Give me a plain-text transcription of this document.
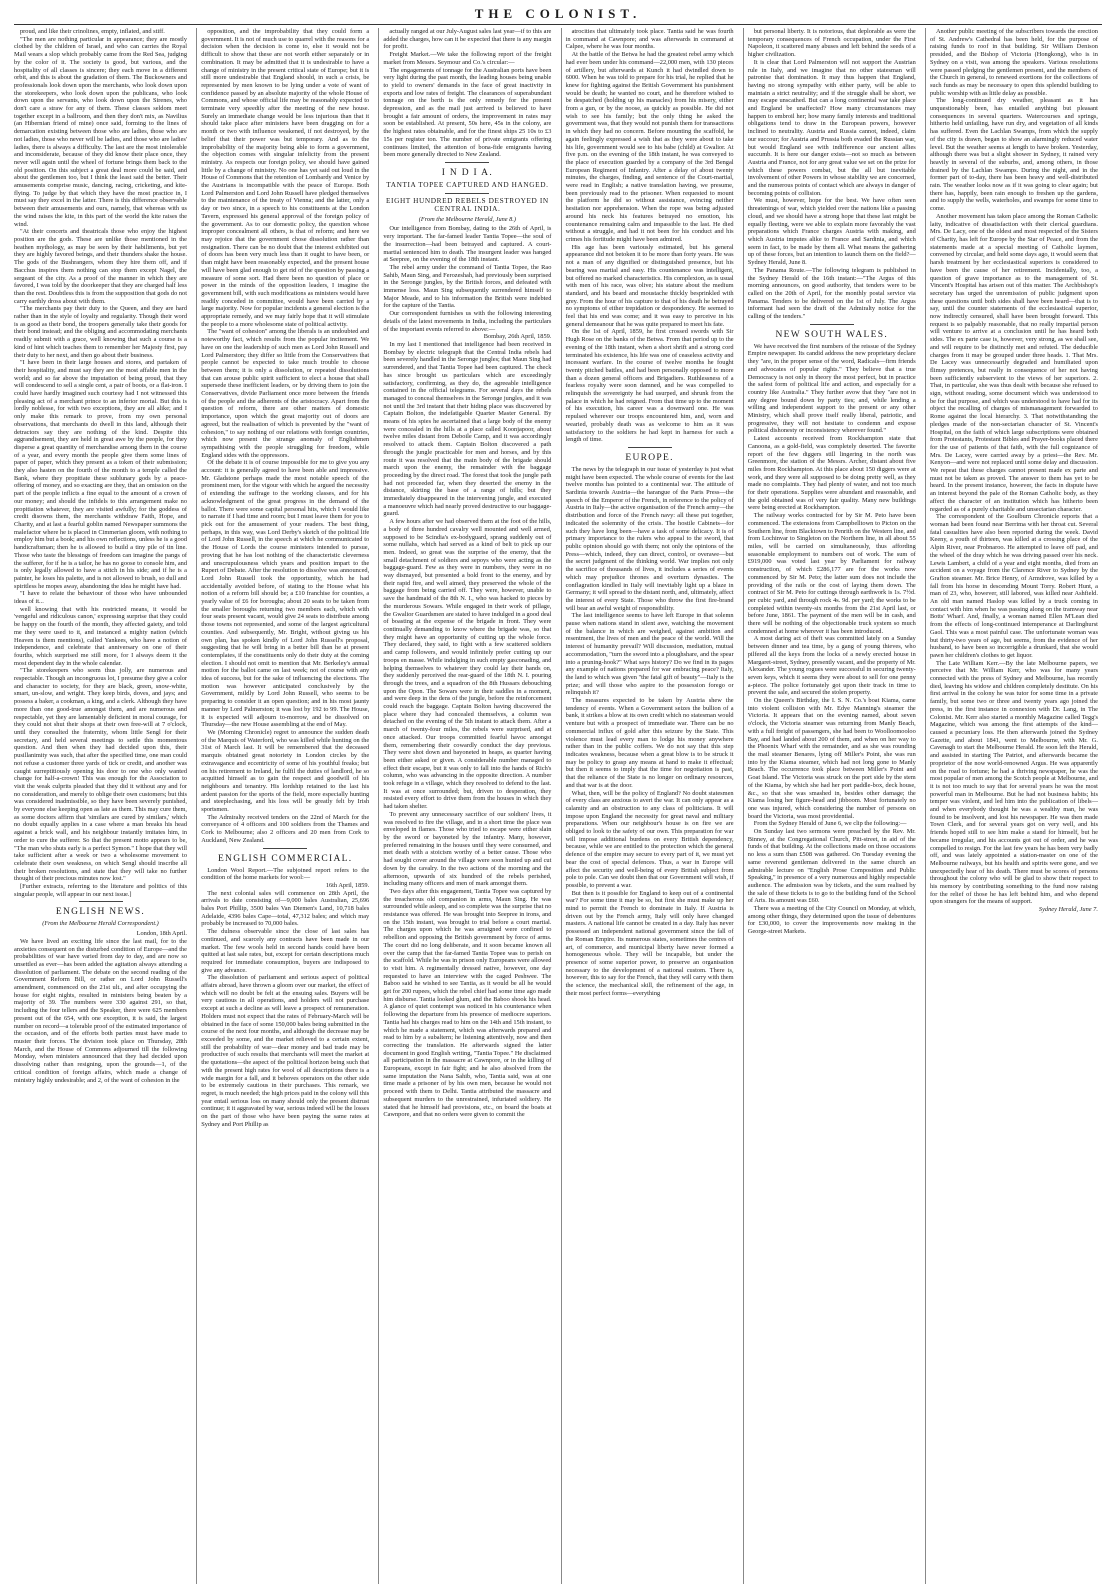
THE COLONIST.

proud, and like their crinolines, empty, inflated, and stiff.

"The men are nothing particular in appearance; they are mostly clothed by the children of Israel, and who can carries the Royal Mail wears a slop which probably came from the Red Sea, judging by the color of it. The society is good, but various, and the hospitality of all classes is sincere; they each move in a different orbit, and this is about the gradation of them. The Buckowners and professionals look down upon the merchants, who look down upon the storekeepers, who look down upon the publicans, who look down upon the servants, who look down upon the Sirenes, who don't care a straw for any of them. These classes seldom meet together except in a ballroom, and then they don't mix, as Navilius (an Hibernian friend of mine) once said, forming to the lines of demarcation existing between those who are ladies, those who are not ladies, those who never will be ladies, and those who are ladies' ladies, there is always a difficulty. The last are the most intolerable and inconsiderate, because of they did know their place once, they never will again until the wheel of fortune brings them back to the old position. On this subject a great deal more could be said, and about the gentlemen too, but I think the least said the better. Their amusements comprise music, dancing, racing, cricketing, and kite-flying. To judge by that which they have the most practice in, I must say they excel in the latter. There is this difference observable between their amusements and ours, namely, that whereas with us the wind raises the kite, in this part of the world the kite raises the wind.

"At their concerts and theatricals those who enjoy the highest position are the gods. These are unlike those mentioned in the heathen mythology, as may be seen by their habiliments, but yet they are highly favored beings, and their thunders shake the house. The gods of the Bushrangers, whom they hire them off, and if Bacchus inspires them nothing can stop them except Nagel, the sergeant of the city. As a proof of the manner in which they are favored, I was told by the doorkeeper that they are charged half less than the rest. Doubtless this is from the supposition that gods do not carry earthly dross about with them.

"The merchants pay their duty to the Queen, and they are hard rather than in the style of loyalty and regularity. Though their word is as good as their bond, the troopers generally take their goods for their bond instead; and the obliging and accommodating merchants readily submit with a grace, well knowing that such a course is a kind of hint which teaches them to remember her Majesty first, pay their duty to her next, and then go about their business.

"I have been in their large houses and stores, and partaken of their hospitality, and must say they are the most affable men in the world; and so far above the imputation of being proud, that they will condescend to sell a single cent, a pair of boots, or a flat-iron. I could have hardly imagined such courtesy had I not witnessed this pleasing act of a merchant prince to an inferior mortal. But this is lordly noblesse, for with two exceptions, they are all alike; and I only make this remark to prove, from my own personal observations, that merchants do dwell in this land, although their detractors say they are nothing of the kind. Despite this aggrandisement, they are held in great awe by the people, for they disperse a great quantity of merchandise among them in the course of a year, and every month the people give them some lines of paper of paper, which they present as a token of their submission; they also hasten on the fourth of the month to a temple called the Bank, where they propitiate these sublunary gods by a peace-offering of money, and so exacting are they, that an omission on the part of the people inflicts a fine equal to the amount of a crown of our money; and should the infidels to this arrangement make no propitiation whatever, they are visited awfully; for the goddess of credit disowns them, the merchants withdraw Faith, Hope, and Charity, and at last a fearful goblin named Newspaper summons the malefactor where he is placed in Cimmerian gloom, with nothing to employ him but a book; and his own reflections, unless he is a good handicraftsman; then he is allowed to build a tiny pile of tin line. Those who taste the blessings of freedom can imagine the pangs of the sufferer, for if he is a tailor, he has no goose to console him, and is only legally allowed to have a stitch in his side; and if he is a painter, he loses his palette, and is not allowed to brush, so dull and spiritless he mopes away, abandoning the idea he might have had.

"I have to relate the behaviour of those who have unbounded ideas of it...

well knowing that with his restricted means, it would be 'vengeful and ridiculous canon,' expressing surprise that they could be happy on the fourth of the month, they affected gaiety, and told me they were used to it, and instanced a mighty nation (which Heaven is them mentions), called Yankees, who have a notion of independence, and celebrate that anniversary on one of their fourths, which surprised me still more, for I always deem it the most dependent day in the whole calendar.

"The storekeepers who seem thus jolly, are numerous and respectable. Though an incongruous lot, I presume they give a color and character to society, for they are black, green, snow-white, smart, un-slow, and wright. They keep birds, doves, and jays; and possess a baker, a cookman, a king, and a clerk. Although they have more than one good-true amongst them, and are numerous and respectable, yet they are lamentably deficient in moral courage, for they could not shut their shops at their own free-will at 7 o'clock, until they consulted the fraternity, whom little Sengl for their secretary, and held several meetings to settle this momentous question. And then when they had decided upon this, their pusillanimity was such, that after the specified time, one man could not refuse a customer three yards of tick or credit, and another was caught surreptitiously opening his door to one who only wanted change for half-a-crown! This was enough for the Association to visit the weak culprits pleaded that they did it without any and for no consideration, and merely to oblige their own customers; but this was considered inadmissible, so they have been severely punished, by everyone else keeping open as late as them. This may cure them, as some doctors affirm that 'similars are cured by similars,' which no doubt equally applies in a case where a man breaks his head against a brick wall, and his neighbour instantly imitates him, in order to cure the sufferer. So that the present motto appears to be, "The man who shuts early is a perfect Symon." I hope that they will take sufficient after a week or two a wholesome movement to celebrate their own weakness, on which Sengl should inscribe all their broken resolutions, and state that they will take no further thought of their precious minutes now lost."

[Further extracts, referring to the literature and politics of this singular people, will appear in our next issue.]

ENGLISH NEWS.

(From the Melbourne Herald Correspondent.)

London, 18th April.

We have lived an exciting life since the last mail, for to the anxieties consequent on the disturbed condition of Europe—and the probabilities of war have varied from day to day, and are now so unsettled as ever—has been added the agitation always attending a dissolution of parliament. The debate on the second reading of the Government Reform Bill, or rather on Lord John Russell's amendment, commenced on the 21st ult., and after occupying the house for eight nights, resulted in ministers being beaten by a majority of 39. The numbers were 330 against 291, so that, including the four tellers and the Speaker, there were 625 members present out of the 654, with one exception, it is said, the largest number on record—a tolerable proof of the estimated importance of the occasion, and of the efforts both parties must have made to muster their forces. The division took place on Thursday, 28th March, and the House of Commons adjourned till the following Monday, when ministers announced that they had decided upon dissolving rather than resigning, upon the grounds—1, of the critical condition of foreign affairs, which made a change of ministry highly undesirable; and 2, of the want of cohesion in the

opposition, and the improbability that they could form a government. It is not of much use to quarrel with the reasons for a decision when the decision is come to, else it would not be difficult to show that these are not worth either separately or in combination. It may be admitted that it is undesirable to have a change of ministry in the present critical state of Europe; but it is still more undesirable that England should, in such a crisis, be represented by men known to be lying under a vote of want of confidence passed by an absolute majority of the whole House of Commons, and whose official life may be reasonably expected to terminate very speedily after the meeting of the new house. Surely an immediate change would be less injurious than that it should take place after ministers have been dragging on for a month or two with influence weakened, if not destroyed, by the belief that their power was but temporary. And as to the improbability of the majority being able to form a government, the objection comes with singular infelicity from the present ministry. As respects our foreign policy, we should have gained little by a change of ministry. No one has yet said out loud in the House of Commons that the retention of Lombardy and Venice by the Austrians is incompatible with the peace of Europe. Both Lord Palmerston and Lord John Russell have pledged themselves to the maintenance of the treaty of Vienna; and the latter, only a day or two since, in a speech to his constituents at the London Tavern, expressed his general approval of the foreign policy of the government. As to our domestic policy, the question whose improper concealment all others, is that of reform; and here we may rejoice that the government chose dissolution rather than resignation. There can be no doubt that the interest exhibited out of doors has been very much less than it ought to have been, or than might have been reasonably expected, and the present house will have been glad enough to get rid of the question by passing a measure of some sort. Had there been no question of place or power in the minds of the opposition leaders, I imagine the government bill, with such modifications as ministers would have readily conceded in committee, would have been carried by a large majority. Now for popular incidents a general election is the appropriate remedy, and we may fairly hope that it will stimulate the people to a more wholesome state of political activity.

The "want of cohesion" among the liberals is an undoubted and noteworthy fact, which results from the popular incitement. We have on one the leadership of such men as Lord John Russell and Lord Palmerston; they differ so little from the Conservatives that people cannot be expected to take much trouble to choose between them; it is only a dissolution, or repeated dissolutions that can arouse public spirit sufficient to elect a house that shall supersede these inefficient leaders, or by driving them to join the Conservatives, divide Parliament once more between the friends of the people and the adherents of the aristocracy. Apart from the question of reform, there are other matters of domestic importance, upon which the great majority out of doors are agreed, but the realisation of which is prevented by the "want of cohesion," to say nothing of our relations with foreign countries, which now present the strange anomaly of Englishmen sympathising with the people struggling for freedom, while England sides with the oppressors.

Of the debate it is of course impossible for me to give you any account: it is generally agreed to have been able and impressive. Mr. Gladstone perhaps made the most notable speech of the prominent men, for the vigour with which he argued the necessity of extending the suffrage to the working classes, and for his acknowledgment of the great progress in the demand of the ballot. There were some capital personal hits, which I would like to narrate if I had time and room; but I must leave them for you to pick out for the amusement of your readers. The best thing, perhaps, in this way, was Lord Derby's sketch of the political life of Lord John Russell, in the speech at which he communicated to the House of Lords the course ministers intended to pursue, proving that he has lost nothing of the characteristic cleverness and unscrupulousness which years and position impart to the Rupert of Debate. After the resolution to dissolve was announced, Lord John Russell took the opportunity, which he had accidentally avoided before, of stating to the House what his notion of a reform bill should be; a £10 franchise for counties, a yearly value of £6 for boroughs; about 20 seats to be taken from the smaller boroughs returning two members each, which with four seats present vacant, would give 24 seats to distribute among those towns not represented, and some of the largest agricultural counties. And subsequently, Mr. Bright, without giving us his own plan, has spoken kindly of Lord John Russell's proposal, suggesting that he will bring in a better bill than he at present contemplates, if the constituents only do their duty at the coming election. I should not omit to mention that Mr. Berkeley's annual motion for the ballot came on last week; not of course with any idea of success, but for the sake of influencing the elections. The motion was however anticipated conclusively by the Government, mildly by Lord John Russell, who seems to be preparing to consider it an open question; and in his most jaunty manner by Lord Palmerston; it was lost by 192 to 99. The House, it is expected will adjourn to-morrow, and be dissolved on Thursday—the new House assembling at the end of May.

We (Morning Chronicle) regret to announce the sudden death of the Marquis of Waterford, who was killed while hunting on the 31st of March last. It will be remembered that the deceased marquis obtained great notoriety in London circles by the extravagance and eccentricity of some of his youthful freaks; but on his retirement to Ireland, he fulfil the duties of landlord, he so acquitted himself as to gain the respect and goodwill of his neighbours and tenantry. His lordship retained to the last his ardent passion for the sports of the field, more especially hunting and steeplechasing, and his loss will be greatly felt by Irish sportsmen.

The Admiralty received tenders on the 22nd of March for the conveyance of 4 officers and 100 soldiers from the Thames and Cork to Melbourne; also 2 officers and 20 men from Cork to Auckland, New Zealand.

ENGLISH COMMERCIAL.

London Wool Report.—The subjoined report refers to the condition of the home markets for wool:—

16th April, 1859.

The next colonial sales will commence on 28th April, the arrivals to date consisting of—9,000 bales Australian, 25,696 bales Port Phillip, 3500 bales Van Diemen's Land, 10,718 bales Adelaide, 4396 bales Cape—total, 47,312 bales; and which may probably be increased to 70,000 bales.

The dulness observable since the close of last sales has continued, and scarcely any contracts have been made in our market. The few wools held in second hands could have been quitted at last sale rates, but, except for certain descriptions much required for immediate consumption, buyers are indisposed to give any advance.

The dissolution of parliament and serious aspect of political affairs abroad, have thrown a gloom over our market, the effect of which will no doubt be felt at the ensuing sales. Buyers will be very cautious in all operations, and holders will not purchase except at such a decline as will leave a prospect of remuneration. Holders must not expect that the rates of February-March will be obtained in the face of some 150,000 bales being submitted in the course of the next four months, and although the decrease may be exceeded by some, and the market relieved to a certain extent, still the probability of war—dear money and bad trade may be productive of such results that merchants will meet the market at the quotations—the aspect of the political horizon being such that with the present high rates for wool of all descriptions there is a wide margin for a fall, and it behoves operators on the other side to be extremely cautious in their purchases. This remark, we regret, is much needed; the high prices paid in the colony will this year entail serious loss on many should only the present distrust continue; it it aggravated by war, serious indeed will be the losses on the part of those who have been paying the same rates at Sydney and Port Phillip as

actually ranged at our July-August sales last year—if to this are added the charges, how can it be expected that there is any margin for profit.

Freight Market.—We take the following report of the freight market from Messrs. Seymour and Co.'s circular:—

The engagements of tonnage for the Australian ports have been very light during the past month, the leading houses being unable to yield to owners' demands in the face of great inactivity in exports and low rates of freight. The clearances of superabundant tonnage on the berth is the only remedy for the present depression, and as the mail just arrived is believed to have brought a fair amount of orders, the improvement in rates may soon be established. At present, 50s here, 45s in the colony, are the highest rates obtainable, and for the finest ships 25 10s to £3 15s per register ton. The number of private emigrants offering continues limited, the attention of bona-fide emigrants having been more generally directed to New Zealand.

I N D I A.

TANTIA TOPEE CAPTURED AND HANGED.

EIGHT HUNDRED REBELS DESTROYED IN CENTRAL INDIA.

(From the Melbourne Herald, June 8.)

Our intelligence from Bombay, dating to the 26th of April, is very important. The far-famed leader Tantia Topee—the soul of the insurrection—had been betrayed and captured. A court-martial sentenced him to death. The insurgent leader was hanged at Seepree, on the evening of the 18th instant.

The rebel army under the command of Tantia Topee, the Rao Sahib, Maun Sing, and Ferozeshah, had previously been surprised in the Seronge jungles, by the British forces, and defeated with immense loss. Maun Sing subsequently surrendered himself to Major Meade, and to his information the British were indebted for the capture of the Tantia.

Our correspondent furnishes us with the following interesting details of the latest movements in India, including the particulars of the important events referred to above:—

Bombay, 26th April, 1859.

In my last I mentioned that intelligence had been received in Bombay by electric telegraph that the Central India rebels had been severely handled in the Seronge jungles; that Maun Sing had surrendered, and that Tantia Topee had been captured. The check has since brought us particulars which are exceedingly satisfactory, confirming, as they do, the agreeable intelligence contained in the official telegrams. For several days the rebels managed to conceal themselves in the Seronge jungles, and it was not until the 3rd instant that their hiding place was discovered by Captain Bolton, the indefatigable Quarter Master General. By means of his spies he ascertained that a large body of the enemy were concealed in the hills at a place called Koonjapoor, about twelve miles distant from Deboile Camp, and it was accordingly resolved to attack them. Captain Bolton discovered a path through the jungle practicable for men and horses, and by this route it was resolved that the main body of the brigade should march upon the enemy, the remainder with the baggage proceeding by the direct road. The forest that took the jungle path had not proceeded far, when they deserted the enemy in the distance, skirting the base of a range of hills; but they immediately disappeared in the intervening jungle, and executed a manoeuvre which had nearly proved destructive to our baggage-guard.

A few hours after we had observed them at the foot of the hills, a body of three hundred cavalry well mounted and well armed, supposed to be Scindia's ex-bodyguard, sprang suddenly out of some nullahs, which had served as a kind of belt to pick up our men. Indeed, so great was the surprise of the enemy, that the small detachment of soldiers and sepoys who were acting as the baggage-guard. Few as they were in numbers, they were in no way dismayed, but presented a bold front to the enemy, and by their rapid fire, and well aimed, they preserved the whole of the baggage from being carried off. They were, however, unable to save the handmaid of the 8th N. I., who was hacked to pieces by the murderous Sowars. While engaged in their work of pillage, the Gwalior Guardsmen are stated to have indulged in a good deal of boasting at the expense of the brigade in front. They were continually demanding to know where the brigade was, so that they might have an opportunity of cutting up the whole force. They declared, they said, to fight with a few scattered soldiers and camp followers, and would infinitely prefer cutting up our troops en masse. While indulging in such empty gasconading, and helping themselves to whatever they could lay their hands on, they suddenly perceived the rear-guard of the 18th N. I. pouring through the trees, and a squadron of the 8th Hussars debouching upon the Opon. The Sowars were in their saddles in a moment, and were deep in the dens of the jungle, before the reinforcement could reach the baggage. Captain Bolton having discovered the place where they had concealed themselves, a column was detached on the evening of the 5th instant to attack them. After a march of twenty-four miles, the rebels were surprised, and at once attacked. Our troops committed fearful havoc amongst them, remembering their cowardly conduct the day previous. They were shot down and bayoneted in heaps, as quarter having been either asked or given. A considerable number managed to effect their escape, but it was only to fall into the hands of Rich's column, who was advancing in the opposite direction. A number took refuge in a village, which they resolved to defend to the last. It was at once surrounded; but, driven to desperation, they resisted every effort to drive them from the houses in which they had taken shelter.

To prevent any unnecessary sacrifice of our soldiers' lives, it was resolved to fire the village, and in a short time the place was enveloped in flames. Those who tried to escape were either slain by the sword or bayoneted by the infantry. Many, however, preferred remaining in the houses until they were consumed, and met death with a stoicism worthy of a better cause. Those who had sought cover around the village were soon hunted up and cut down by the cavalry. In the two actions of the morning and the afternoon, upwards of six hundred of the rebels perished, including many officers and men of mark amongst them.

Two days after this engagement, Tantia Topee was captured by the treacherous old companion in arms, Maun Sing. He was surrounded while asleep, and so complete was the surprise that no resistance was offered. He was brought into Seepree in irons, and on the 15th instant, was brought to trial before a court martial. The charges upon which he was arraigned were confined to rebellion and opposing the British government by force of arms. The court did no long deliberate, and it soon became known all over the camp that the far-famed Tantia Topee was to perish on the scaffold. While he was in prison only Europeans were allowed to visit him. A regimentally dressed native, however, one day requested to have an interview with the caged Peshwee. The Baboo said he wished to see Tantia, as it would be all he would get for 200 rupees, which the rebel chief had some time ago made him disburse. Tantia looked glum, and the Baboo shook his head. A glance of quiet contempt was noticed in his countenance when following the departure from his presence of mediocre superiors. Tantia had his charges read to him on the 14th and 15th instant, to which he made a statement, which was afterwards prepared and read to him by a subaltern; he listening attentively, now and then correcting the translation. He afterwards signed the latter document in good English writing, "Tantia Topee." He disclaimed all participation in the massacre at Cawnpore, or in the killing of Europeans, except in fair fight; and he also absolved from the same imputation the Nana Sahib, who, Tantia said, was at one time made a prisoner of by his own men, because he would not proceed with them to Delhi. Tantia attributed the massacre and subsequent murders to the unrestrained, infuriated soldiery. He stated that he himself had provisions, etc., on board the boats at Cawnpore, and that no orders were given to commit the

atrocities that ultimately took place. Tantia said he was fourth in command at Cawnpore; and was afterwards in command at Calpee, where he was four months.

At the battle of the Betwa he had the greatest rebel army which had ever been under his command—22,000 men, with 130 pieces of artillery, but afterwards at Kunch it had dwindled down to 6000. When he was told to prepare for his trial, he replied that he knew for fighting against the British Government his punishment would be death; he wanted no court, and he therefore wished to be despatched (holding up his manacles) from his misery, either from a gun, or by the noose, as quickly as possible. He did not wish to see his family; but the only thing he asked the government was, that they would not punish them for transactions in which they had no concern. Before mounting the scaffold, he again feelingly expressed a wish that as they were about to take his life, government would see to his babe (child) at Gwalior. At five p.m. on the evening of the 18th instant, he was conveyed to the place of execution guarded by a company of the 3rd Bengal European Regiment of Infantry. After a delay of about twenty minutes, the charges, finding, and sentence of the Court-martial, were read in English; a native translation having, we presume, been previously read to the prisoner. When requested to mount the platform he did so without assistance, evincing neither hesitation nor apprehension. When the rope was being adjusted around his neck his features betrayed no emotion, his countenance remaining calm and impassible to the last. He died without a struggle, and had it not been for his conduct and his crimes his fortitude might have been admired.

His age has been variously estimated, but his general appearance did not betoken it to be more than forty years. He was not a man of any dignified or distinguished presence, but his bearing was martial and easy. His countenance was intelligent, but offered no marked characteristics. His complexion, as is usual with men of his race, was olive; his stature about the medium standard, and his beard and moustache thickly besprinkled with grey. From the hour of his capture to that of his death he betrayed no symptoms of either trepidation or despondency. He seemed to feel that his end was come; and it was easy to perceive in his general demeanour that he was quite prepared to meet his fate.

On the 1st of April, 1859, he first crossed swords with Sir Hugh Rose on the banks of the Betwa. From that period up to the evening of the 18th instant, when a short shrift and a strong cord terminated his existence, his life was one of ceaseless activity and incessant warfare. In the course of twelve months he fought twenty pitched battles, and had been personally opposed to more than a dozen general officers and Brigadiers. Ruthlessness of a fearless royalty were soon damned, and he was compelled to relinquish the sovereignty he had usurped, and shrunk from the palace in which he had reigned. From that time up to the moment of his execution, his career was a downward one. He was repulsed wherever our troops encountered him, and, worn and wearied, probably death was as welcome to him as it was satisfactory to the soldiers he had kept in harness for such a length of time.

EUROPE.

The news by the telegraph in our issue of yesterday is just what might have been expected. The whole course of events for the last twelve months has pointed to a continental war. The attitude of Sardinia towards Austria—the harangue of the Paris Press—the speech of the Emperor of the French, in reference to the policy of Austria in Italy—the active organisation of the French army—the distribution and force of the French navy: all these put together, indicated the solemnity of the crisis. The hostile Cabinets—for such they have long been—have a task of some delicacy. It is of primary importance to the rulers who appeal to the sword, that public opinion should go with them; not only the opinions of the Press—which, indeed, they can direct, control, or overawe—but the secret judgment of the thinking world. War implies not only the sacrifice of thousands of lives, it includes a series of events which may prejudice thrones and overturn dynasties. The conflagration kindled in Italy will inevitably light up a blaze in Germany; it will spread to the distant north, and, ultimately, affect the interest of every State. Those who throw the first fire-brand will bear an awful weight of responsibility.

The last intelligence seems to have left Europe in that solemn pause when nations stand in silent awe, watching the movement of the balance in which are weighed, against ambition and resentment, the lives of men and the peace of the world. Will the interest of humanity prevail? Will discussion, mediation, mutual accommodation, "turn the sword into a ploughshare, and the spear into a pruning-hook?" What says history? Do we find in its pages any example of nations prepared for war embracing peace? Italy, the land to which was given "the fatal gift of beauty"—Italy is the prize; and will those who aspire to the possession forego or relinquish it?

The measures expected to be taken by Austria shew the tendency of events. When a Government seizes the bullion of a bank, it strikes a blow at its own credit which no statesman would venture but with a prospect of immediate war. There can be no commercial influx of gold after this seizure by the State. This violence must lead every man to lodge his money anywhere rather than in the public coffers. We do not say that this step indicates weakness, because when a great blow is to be struck it may be policy to grasp any means at hand to make it effectual; but then it seems to imply that the time for negotiation is past, that the reliance of the State is no longer on ordinary resources, and that war is at the door.

What, then, will be the policy of England? No doubt statesmen of every class are anxious to avert the war. It can only appear as a calamity and an obstruction to any class of politicians. It will impose upon England the necessity for great naval and military preparations. When our neighbour's house is on fire we are obliged to look to the safety of our own. This preparation for war will impose additional burdens on every British dependency, because, while we are entitled to the protection which the general defence of the empire may secure to every part of it, we must yet bear the cost of special defences. Thus, a war in Europe will affect the security and well-being of every British subject from pole to pole. Can we doubt then that our Government will wish, if possible, to prevent a war.

But then is it possible for England to keep out of a continental war? For some time it may be so, but first she must make up her mind to permit the French to dominate in Italy. If Austria is driven out by the French army, Italy will only have changed masters. A national life cannot be created in a day. Italy has never possessed an independent national government since the fall of the Roman Empire. Its numerous states, sometimes the centres of art, of commerce, and municipal liberty have never formed a homogeneous whole. They will be incapable, but under the presence of some superior power, to preserve an organisation necessary to the development of a national custom. There is, however, this to say for the French, that they will carry with them the science, the mechanical skill, the refinement of the age, in their most perfect forms—everything

but personal liberty. It is notorious, that deplorable as were the temporary consequences of French occupation, under the First Napoleon, it scattered many abuses and left behind the seeds of a higher civilization.

It is clear that Lord Palmerston will not support the Austrian rule in Italy, and we imagine that no other statesman will patronise that domination. It may thus happen that England, having no strong sympathy with either party, will be able to maintain a strict neutrality; and if the struggle shall be short, we may escape unscathed. But can a long continental war take place and England be unaffected? How many circumstances may happen to embroil her; how many family interests and traditional obligations tend to draw in the European powers, however inclined to neutrality. Austria and Russia cannot, indeed, claim our succour; for Austria and Prussia both evaded the Russian war, but would England see with indifference our ancient allies succumb. It is here our danger exists—not so much as between Austria and France, not for any great value we set on the prize for which these powers combat, but the all but inevitable involvement of other Powers in whose stability we are concerned, and the numerous points of contact which are always in danger of becoming points of collision.

We must, however, hope for the best. We have often seen threatenings of war, which yielded over the nations like a passing cloud, and we should have a strong hope that these last might be equally fleeting, were we able to explain more favorably the vast preparations which France charges Austria with making, and which Austria imputes alike to France and Sardinia, and which seem in fact, to be made by them all. What means the gathering up of these forces, but an intention to launch them on the field?—Sydney Herald, June 8.

The Panama Route.—The following telegram is published in the Sydney Herald of the 16th instant:—"The Argus of this morning announces, on good authority, that tenders were to be called on the 20th of April, for the monthly postal service via Panama. Tenders to be delivered on the 1st of July. The Argus informant had seen the draft of the Admiralty notice for the calling of the tenders."

NEW SOUTH WALES.

We have received the first numbers of the reissue of the Sydney Empire newspaper. Its candid address the new proprietary declare they "are, in the proper sense of the word, Radicals—firm friends and advocates of popular rights." They believe that a true Democracy is not only in theory the most perfect, but in practice the safest form of political life and action, and especially for a country like Australia." They further avow that they "are not in any degree bound down by party ties; and, while lending a willing and independent support to the present or any other Ministry, which shall prove itself really liberal, patriotic, and progressive, they will not hesitate to condemn and expose political dishonesty or inconsistency wherever found."

Latest accounts received from Rockhampton state that Canoona, as a gold-field, was completely deserted. The favorite report of the few diggers still lingering in the north was Greenmore, the station of the Messrs. Archer, distant about five miles from Rockhampton. At this place about 150 diggers were at work, and they were all supposed to be doing pretty well, as they made no complaints. They had plenty of water, and not too much for their operations. Supplies were abundant and reasonable, and the gold obtained was of very fair quality. Many new buildings were being erected at Rockhampton.

The railway works contracted for by Sir M. Peto have been commenced. The extensions from Campbelltown to Picton on the Southern line, from Blacktown to Penrith on the Western line, and from Lochinvar to Singleton on the Northern line, in all about 55 miles, will be carried on simultaneously, thus affording seasonable employment to numbers out of work. The sum of £919,000 was voted last year by Parliament for railway construction, of which £286,177 are for the works now commenced by Sir M. Peto; the latter sum does not include the providing of the rails or the cost of laying them down. The contract of Sir M. Peto for cuttings through earthwork is 1s. 7½d. per cubic yard, and through rock 4s. 9d. per yard; the works to be completed within twenty-six months from the 21st April last, or before June, 1861. The payment of the men will be in cash, and there will be nothing of the objectionable truck system so much condemned at home wherever it has been introduced.

A most daring act of theft was committed lately on a Sunday between dinner and tea time, by a gang of young thieves, who pilfered all the keys from the locks of a newly erected house in Margaret-street, Sydney, presently vacant, and the property of Mr. Alexander. The young rogues were successful in securing twenty-seven keys, which it seems they were about to sell for one penny a-piece. The police fortunately got upon their track in time to prevent the sale, and secured the stolen property.

On the Queen's Birthday, the I. S. N. Co.'s boat Kiama, came into violent collision with Mr. Edye Manning's steamer the Victoria. It appears that on the evening named, about seven o'clock, the Victoria steamer was returning from Manly Beach, with a full freight of passengers, she had been to Woolloomooloo Bay, and had landed about 200 of them, and when on her way to the Phoenix Wharf with the remainder, and as she was rounding the mail steamer Benares, lying off Miller's Point, she was run into by the Kiama steamer, which had not long gone to Manly Beach. The occurrence took place between Miller's Point and Goat Island. The Victoria was struck on the port side by the stem of the Kiama, by which she had her port paddle-box, deck house, &c., so that she was smashed in, besides other damage; the Kiama losing her figure-head and jibboom. Most fortunately no one was injured, which considering the number of persons on board the Victoria, was most providential.

From the Sydney Herald of June 6, we clip the following:—

On Sunday last two sermons were preached by the Rev. Mr. Binney, at the Congregational Church, Pitt-street, in aid of the funds of that building. At the collections made on those occasions no less a sum than £508 was gathered. On Tuesday evening the same reverend gentleman delivered in the same church an admirable lecture on "English Prose Composition and Public Speaking," in presence of a very numerous and highly respectable audience. The admission was by tickets, and the sum realised by the sale of these tickets is to go to the building fund of the School of Arts. Its amount was £60.

There was a meeting of the City Council on Monday, at which, among other things, they determined upon the issue of debentures for £30,000, to cover the improvements now making in the George-street Markets.

Another public meeting of the subscribers towards the erection of St. Andrew's Cathedral has been held, for the purpose of raising funds to roof in that building. Sir William Denison presided, and the Bishop of Victoria (Hongkong), who is in Sydney on a visit, was among the speakers. Various resolutions were passed pledging the gentlemen present, and the members of the Church in general, to renewed exertions for the collections of such funds as may be necessary to open this splendid building to public worship with as little delay as possible.

The long-continued dry weather, pleasant as it has unquestionably been, has entailed anything but pleasant consequences in several quarters. Watercourses and springs, hitherto held unfailing, have run dry, and vegetation of all kinds has suffered. Even the Lachlan Swamps, from which the supply of the city is drawn, began to show an alarmingly reduced water level. But the weather seems at length to have broken. Yesterday, although there was but a slight shower in Sydney, it rained very heavily in several of the suburbs, and, among others, in those drained by the Lachlan Swamps. During the night, and in the former part of to-day, there has been heavy and well-distributed rain. The weather looks now as if it was going to clear again; but there has, happily, been rain enough to freshen up the gardens, and to supply the wells, waterholes, and swamps for some time to come.

Another movement has taken place among the Roman Catholic laity, indicative of dissatisfaction with their clerical guardians. Mrs. De Lacy, one of the oldest and most respected of the Sisters of Charity, has left for Europe by the Star of Peace, and from the statements made at a special meeting of Catholic laymen, convened by circular, and held some days ago, it would seem that harsh treatment by her ecclesiastical superiors is considered to have been the cause of her retirement. Incidentally, too, a question of grave importance as to the management of St. Vincent's Hospital has arisen out of this matter. The Archbishop's secretary has urged the unremission of public judgment upon these questions until both sides shall have been heard—that is to say, until the counter statements of the ecclesiastical superior, now indirectly censured, shall have been brought forward. This request is so palpably reasonable, that no really impartial person will venture to arrive at a conclusion until he has heard both sides. The ex parte case is, however, very strong, as we shall see, and will require to be distinctly met and refuted. The deducible charges from it may be grouped under three heads. 1. That Mrs. De Lacey was unnecessarily degraded and humiliated upon flimsy pretences, but really in consequence of her not having been sufficiently subservient to the views of her superiors. 2. That, in particular, she was thus dealt with because she refused to sign, without reading, some document which was understood to be for that purpose, and which was understood to have had for its object the recalling of charges of mismanagement forwarded to Rome against the local hierarchy. 3. That notwithstanding the pledges made of the non-sectarian character of St. Vincent's Hospital, on the faith of which large subscriptions were obtained from Protestants, Protestant Bibles and Prayer-books placed there for the use of patients of that faith, with the full cognizance of Mrs. De Lacey, were carried away by a priest—the Rev. Mr. Kenyon—and were not replaced until some delay and discussion. We repeat that these charges cannot present made ex parte and must not be taken as proved. The answer to them has yet to be heard. In the present instance, however, the facts in dispute have an interest beyond the pale of the Roman Catholic body, as they affect the character of an institution which has hitherto been regarded as of a purely charitable and unsectarian character.

The correspondent of the Goulburn Chronicle reports that a woman had been found near Berrima with her throat cut. Several fatal casualties have also been reported during the week. David Keeny, a youth of thirteen, was killed at a crossing place of the Alpin River, near Probnaroo. He attempted to leave off pad, and the wheel of the dray which he was driving passed over his neck. Lewis Lambert, a child of a year and eight months, died from an accident on a voyage from the Clarence River to Sydney by the Grafton steamer. Mr. Brice Henry, of Armdrove, was killed by a fall from his horse in descending Mount Torry. Robert Hunt, a man of 23, who, however, still labored, was killed near Ashfield. An old man named Haslop was killed by a truck coming in contact with him when he was passing along on the tramway near Botts' Wharf. And, finally, a woman named Ellen M'Lean died from the effects of long-continued intemperance at Darlinghurst Gaol. This was a most painful case. The unfortunate woman was but thirty-two years of age, but seems, from the evidence of her husband, to have been so incorrigible a drunkard, that she would pawn her children's clothes to get liquor.

The Late William Kerr.—By the late Melbourne papers, we perceive that Mr. William Kerr, who was for many years connected with the press of Sydney and Melbourne, has recently died, leaving his widow and children completely destitute. On his first arrival in the colony he was tutor for some time in a private family, but some two or three and twenty years ago joined the press, in the first instance in connexion with Dr. Lang, in The Colonist. Mr. Kerr also started a monthly Magazine called Tegg's Magazine, which was among the first attempts of the kind—caused a pecuniary loss. He then afterwards joined the Sydney Gazette, and about 1841, went to Melbourne, with Mr. G. Cavenagh to start the Melbourne Herald. He soon left the Herald, and assisted in starting The Patriot, and afterwards became the proprietor of the now world-renowned Argus. He was apparently on the road to fortune; he had a thriving newspaper, he was the most popular of men among the Scotch people at Melbourne, and it is not too much to say that for several years he was the most powerful man in Melbourne. But he had not business habits; his temper was violent, and led him into the publication of libels—and when everybody thought he was a wealthy man, he was found to be insolvent, and lost his newspaper. He was then made Town Clerk, and for several years got on very well, and his friends hoped still to see him make a stand for himself, but he became irregular, and his accounts got out of order, and he was compelled to resign. For the last few years he has been very badly off, and was lately appointed a station-master on one of the Melbourne railways, but his health and spirits were gone, and we unexpectedly hear of his death. There must be scores of persons throughout the colony who will be glad to show their respect to his memory by contributing something to the fund now raising for the relief of those he has left behind him, and who depend upon strangers for the means of support.

Sydney Herald, June 7.
